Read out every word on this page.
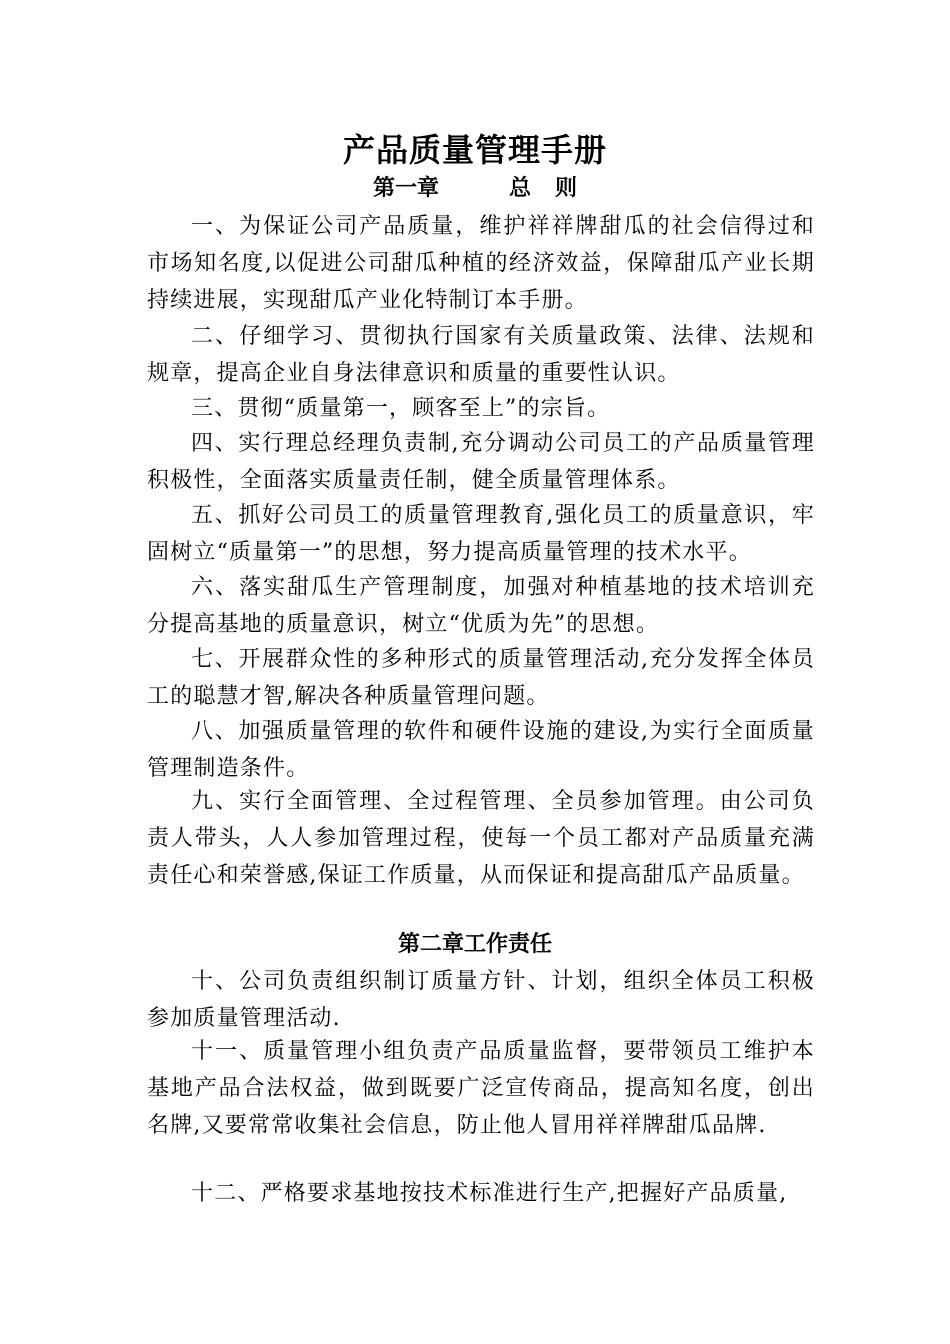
产品质量管理手册
第一章	总 则

一、为保证公司产品质量，维护祥祥牌甜瓜的社会信得过和市场知名度,以促进公司甜瓜种植的经济效益，保障甜瓜产业长期持续进展，实现甜瓜产业化特制订本手册。

二、仔细学习、贯彻执行国家有关质量政策、法律、法规和规章，提高企业自身法律意识和质量的重要性认识。

三、贯彻“质量第一，顾客至上”的宗旨。

四、实行理总经理负责制,充分调动公司员工的产品质量管理积极性，全面落实质量责任制，健全质量管理体系。

五、抓好公司员工的质量管理教育,强化员工的质量意识，牢固树立“质量第一”的思想，努力提高质量管理的技术水平。

六、落实甜瓜生产管理制度，加强对种植基地的技术培训充分提高基地的质量意识，树立“优质为先”的思想。

七、开展群众性的多种形式的质量管理活动,充分发挥全体员工的聪慧才智,解决各种质量管理问题。

八、加强质量管理的软件和硬件设施的建设,为实行全面质量管理制造条件。

九、实行全面管理、全过程管理、全员参加管理。由公司负责人带头，人人参加管理过程，使每一个员工都对产品质量充满责任心和荣誉感,保证工作质量，从而保证和提高甜瓜产品质量。

第二章工作责任

十、公司负责组织制订质量方针、计划，组织全体员工积极参加质量管理活动.

十一、质量管理小组负责产品质量监督，要带领员工维护本基地产品合法权益，做到既要广泛宣传商品，提高知名度，创出名牌,又要常常收集社会信息，防止他人冒用祥祥牌甜瓜品牌.

十二、严格要求基地按技术标准进行生产,把握好产品质量,
